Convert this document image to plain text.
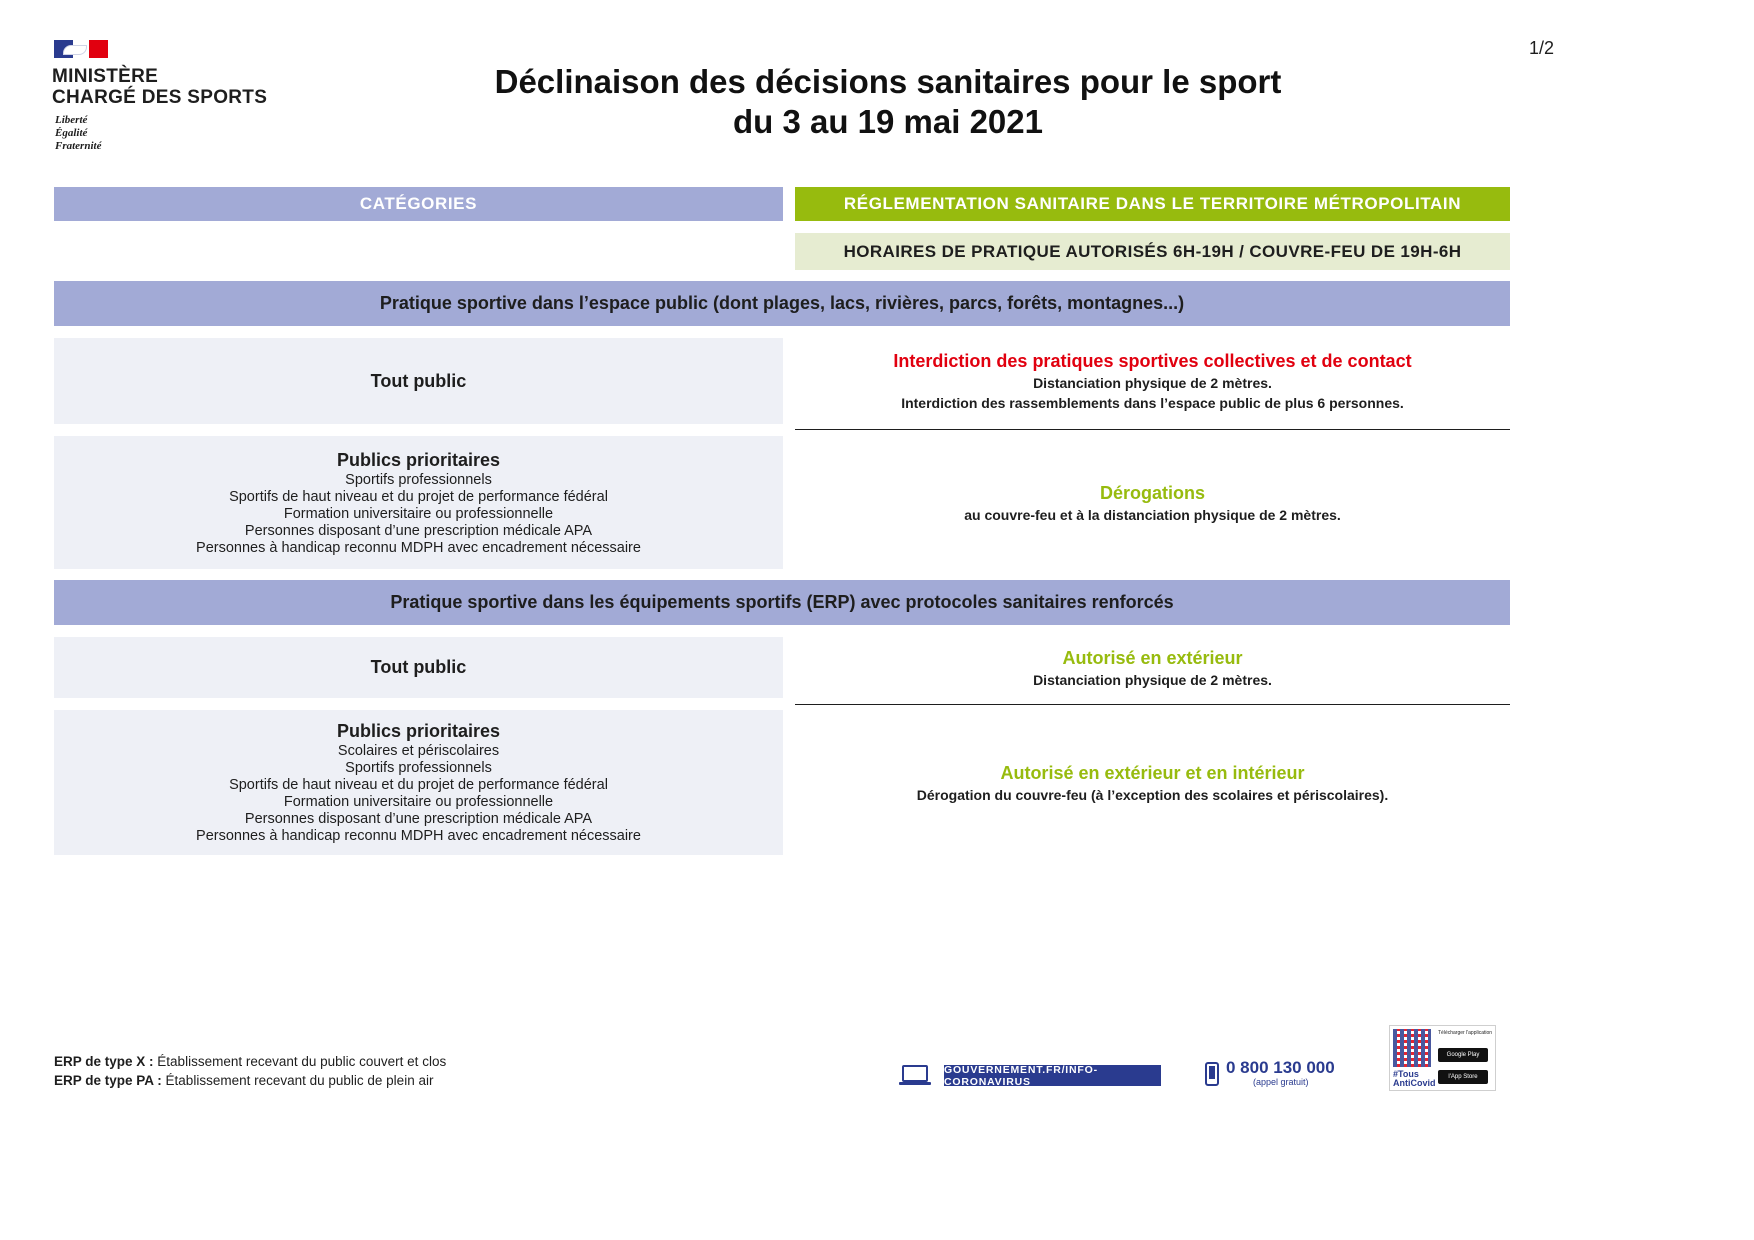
MINISTÈRE
CHARGÉ DES SPORTS
Liberté
Égalité
Fraternité
1/2
Déclinaison des décisions sanitaires pour le sport
du 3 au 19 mai 2021
CATÉGORIES	RÉGLEMENTATION SANITAIRE DANS LE TERRITOIRE MÉTROPOLITAIN
HORAIRES DE PRATIQUE AUTORISÉS 6H-19H / COUVRE-FEU DE 19H-6H
Pratique sportive dans l’espace public (dont plages, lacs, rivières, parcs, forêts, montagnes...)
Tout public
Interdiction des pratiques sportives collectives et de contact
Distanciation physique de 2 mètres.
Interdiction des rassemblements dans l’espace public de plus 6 personnes.
Publics prioritaires
Sportifs professionnels
Sportifs de haut niveau et du projet de performance fédéral
Formation universitaire ou professionnelle
Personnes disposant d’une prescription médicale APA
Personnes à handicap reconnu MDPH avec encadrement nécessaire
Dérogations
au couvre-feu et à la distanciation physique de 2 mètres.
Pratique sportive dans les équipements sportifs (ERP) avec protocoles sanitaires renforcés
Tout public	Autorisé en extérieur
Distanciation physique de 2 mètres.
Publics prioritaires
Scolaires et périscolaires
Sportifs professionnels
Sportifs de haut niveau et du projet de performance fédéral
Formation universitaire ou professionnelle
Personnes disposant d’une prescription médicale APA
Personnes à handicap reconnu MDPH avec encadrement nécessaire
Autorisé en extérieur et en intérieur
Dérogation du couvre-feu (à l’exception des scolaires et périscolaires).
ERP de type X : Établissement recevant du public couvert et clos
ERP de type PA : Établissement recevant du public de plein air
GOUVERNEMENT.FR/INFO-CORONAVIRUS
0 800 130 000
(appel gratuit)
#Tous
AntiCovid
Télécharger l'application
Google Play
l'App Store
